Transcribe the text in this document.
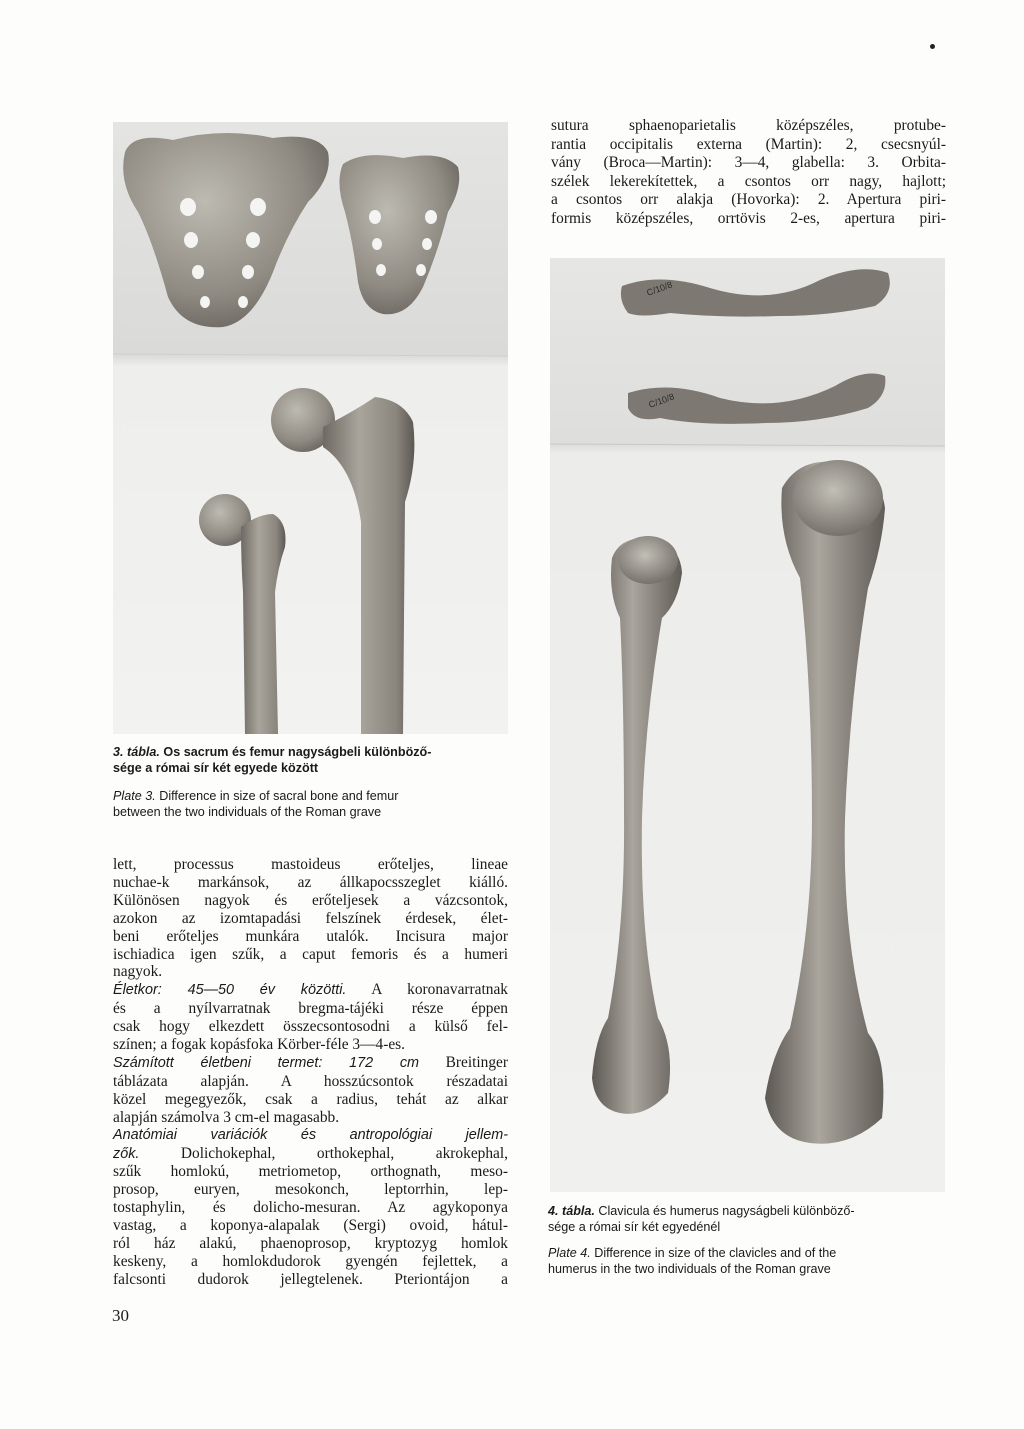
sutura sphaenoparietalis középszéles, protube-
rantia occipitalis externa (Martin): 2, csecsnyúl-
vány (Broca—Martin): 3—4, glabella: 3. Orbita-
szélek lekerekítettek, a csontos orr nagy, hajlott;
a csontos orr alakja (Hovorka): 2. Apertura piri-
formis középszéles, orrtövis 2-es, apertura piri-
C/10/8
C/10/8

3. tábla. Os sacrum és femur nagyságbeli különböző-
sége a római sír két egyede között

Plate 3. Difference in size of sacral bone and femur
between the two individuals of the Roman grave

lett, processus mastoideus erőteljes, lineae
nuchae-k markánsok, az állkapocsszeglet kiálló.
Különösen nagyok és erőteljesek a vázcsontok,
azokon az izomtapadási felszínek érdesek, élet-
beni erőteljes munkára utalók. Incisura major
ischiadica igen szűk, a caput femoris és a humeri
nagyok.
Életkor: 45—50 év közötti. A koronavarratnak
és a nyílvarratnak bregma-tájéki része éppen
csak hogy elkezdett összecsontosodni a külső fel-
színen; a fogak kopásfoka Körber-féle 3—4-es.
Számított életbeni termet: 172 cm Breitinger
táblázata alapján. A hosszúcsontok részadatai
közel megegyezők, csak a radius, tehát az alkar
alapján számolva 3 cm-el magasabb.
Anatómiai variációk és antropológiai jellem-
zők. Dolichokephal, orthokephal, akrokephal,
szűk homlokú, metriometop, orthognath, meso-
prosop, euryen, mesokonch, leptorrhin, lep-
tostaphylin, és dolicho-mesuran. Az agykoponya
vastag, a koponya-alapalak (Sergi) ovoid, hátul-
ról ház alakú, phaenoprosop, kryptozyg homlok
keskeny, a homlokdudorok gyengén fejlettek, a
falcsonti dudorok jellegtelenek. Pteriontájon a

4. tábla. Clavicula és humerus nagyságbeli különböző-
sége a római sír két egyedénél

Plate 4. Difference in size of the clavicles and of the
humerus in the two individuals of the Roman grave

30
